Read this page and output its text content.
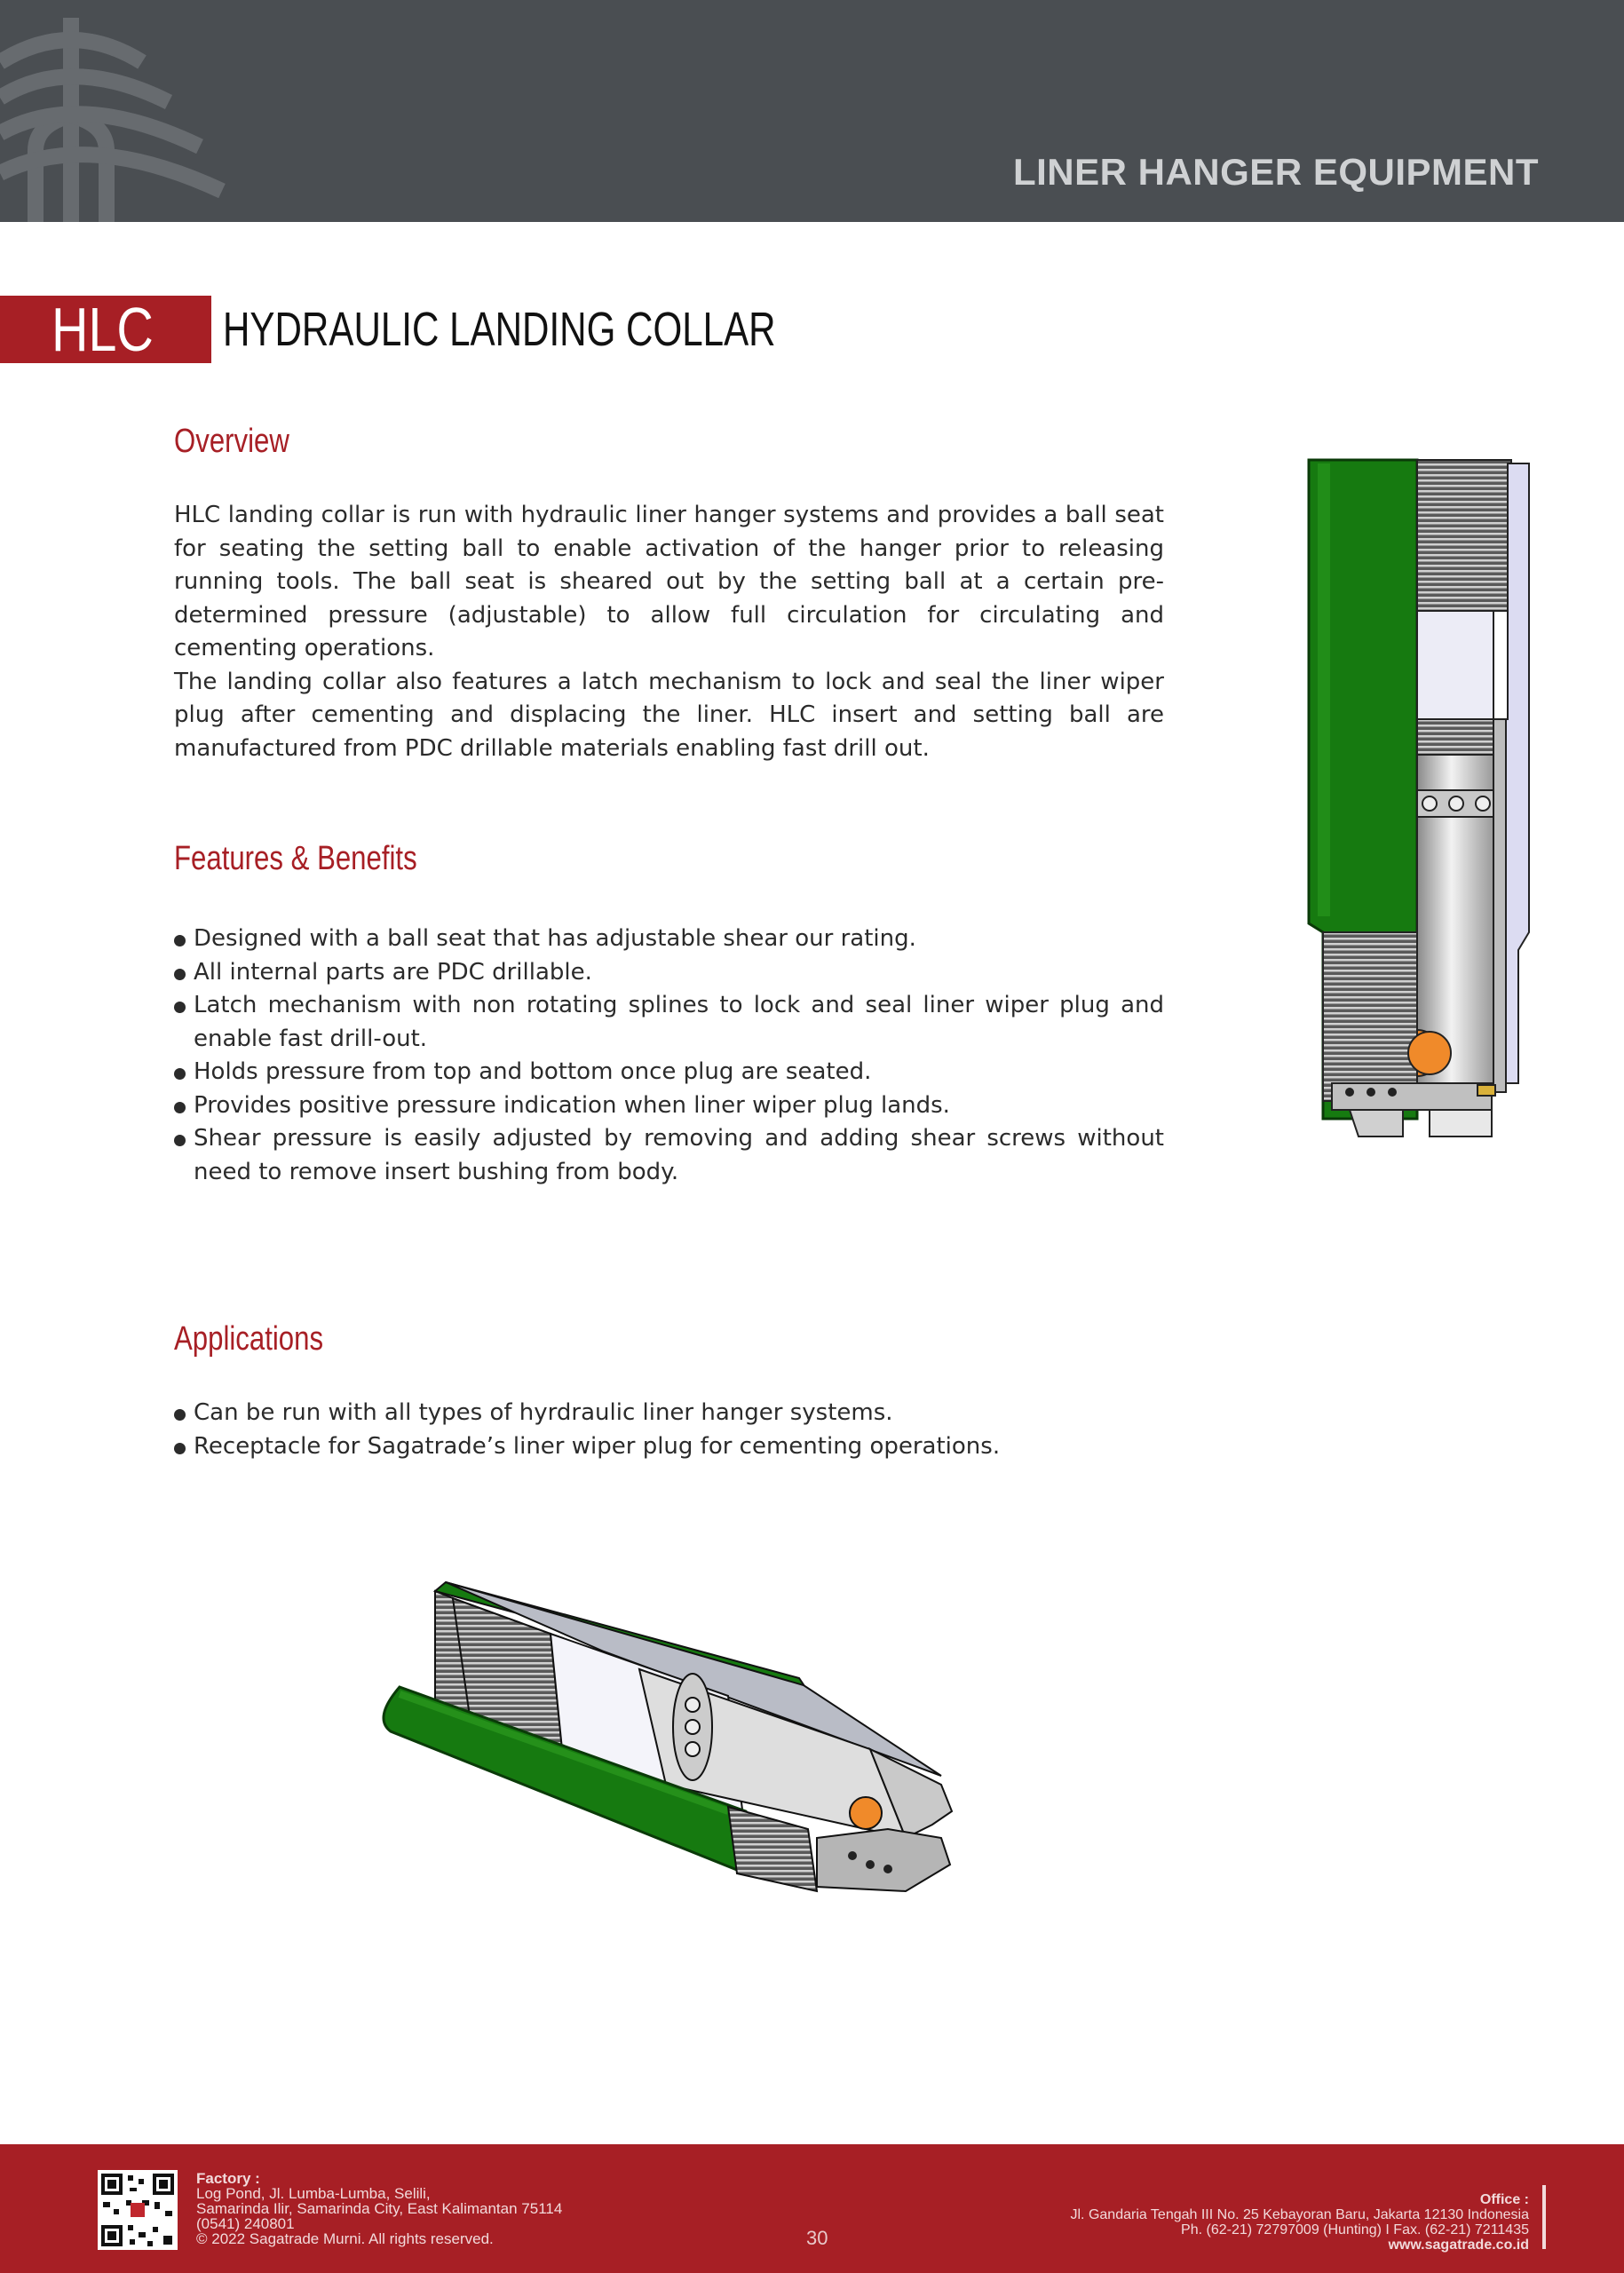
LINER HANGER EQUIPMENT
HLC	HYDRAULIC LANDING COLLAR
Overview

HLC landing collar is run with hydraulic liner hanger systems and provides a ball seat for seating the setting ball to enable activation of the hanger prior to releasing running tools. The ball seat is sheared out by the setting ball at a certain pre-determined pressure (adjustable) to allow full circulation for circulating and cementing operations.

The landing collar also features a latch mechanism to lock and seal the liner wiper plug after cementing and displacing the liner. HLC insert and setting ball are manufactured from PDC drillable materials enabling fast drill out.

Features & Benefits
Designed with a ball seat that has adjustable shear our rating.
All internal parts are PDC drillable.
Latch mechanism with non rotating splines to lock and seal liner wiper plug and enable fast drill-out.
Holds pressure from top and bottom once plug are seated.
Provides positive pressure indication when liner wiper plug lands.
Shear pressure is easily adjusted by removing and adding shear screws without need to remove insert bushing from body.
Applications
Can be run with all types of hyrdraulic liner hanger systems.
Receptacle for Sagatrade’s liner wiper plug for cementing operations.
Factory :
Log Pond, Jl. Lumba-Lumba, Selili,
Samarinda Ilir, Samarinda City, East Kalimantan 75114
(0541) 240801
© 2022 Sagatrade Murni. All rights reserved.	30
Office :
Jl. Gandaria Tengah III No. 25 Kebayoran Baru, Jakarta 12130 Indonesia
Ph. (62-21) 72797009 (Hunting) I Fax. (62-21) 7211435
www.sagatrade.co.id
